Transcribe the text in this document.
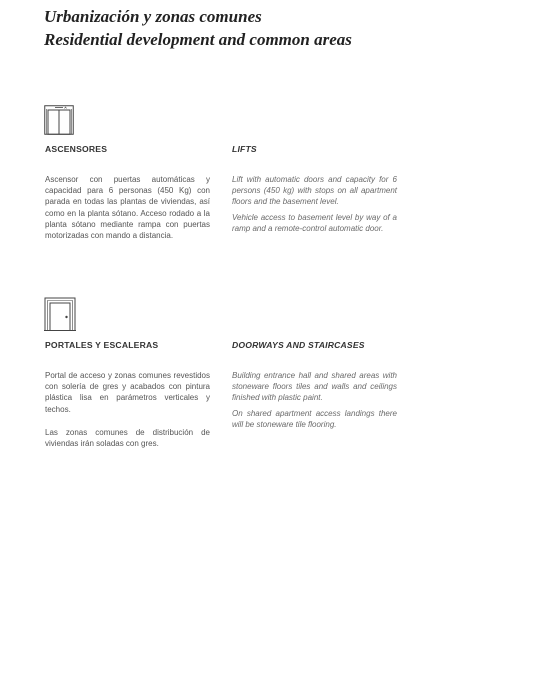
Urbanización y zonas comunes
Residential development and common areas

ASCENSORES	LIFTS

Ascensor con puertas automáticas y capacidad para 6 personas (450 Kg) con parada en todas las plantas de viviendas, así como en la planta sótano. Acceso rodado a la planta sótano mediante rampa con puertas motorizadas con mando a distancia.

Lift with automatic doors and capacity for 6 persons (450 kg) with stops on all apartment floors and the basement level.

Vehicle access to basement level by way of a ramp and a remote-control automatic door.

PORTALES Y ESCALERAS	DOORWAYS AND STAIRCASES

Portal de acceso y zonas comunes revestidos con solería de gres y acabados con pintura plástica lisa en parámetros verticales y techos.

Las zonas comunes de distribución de viviendas irán soladas con gres.

Building entrance hall and shared areas with stoneware floors tiles and walls and ceilings finished with plastic paint.

On shared apartment access landings there will be stoneware tile flooring.
